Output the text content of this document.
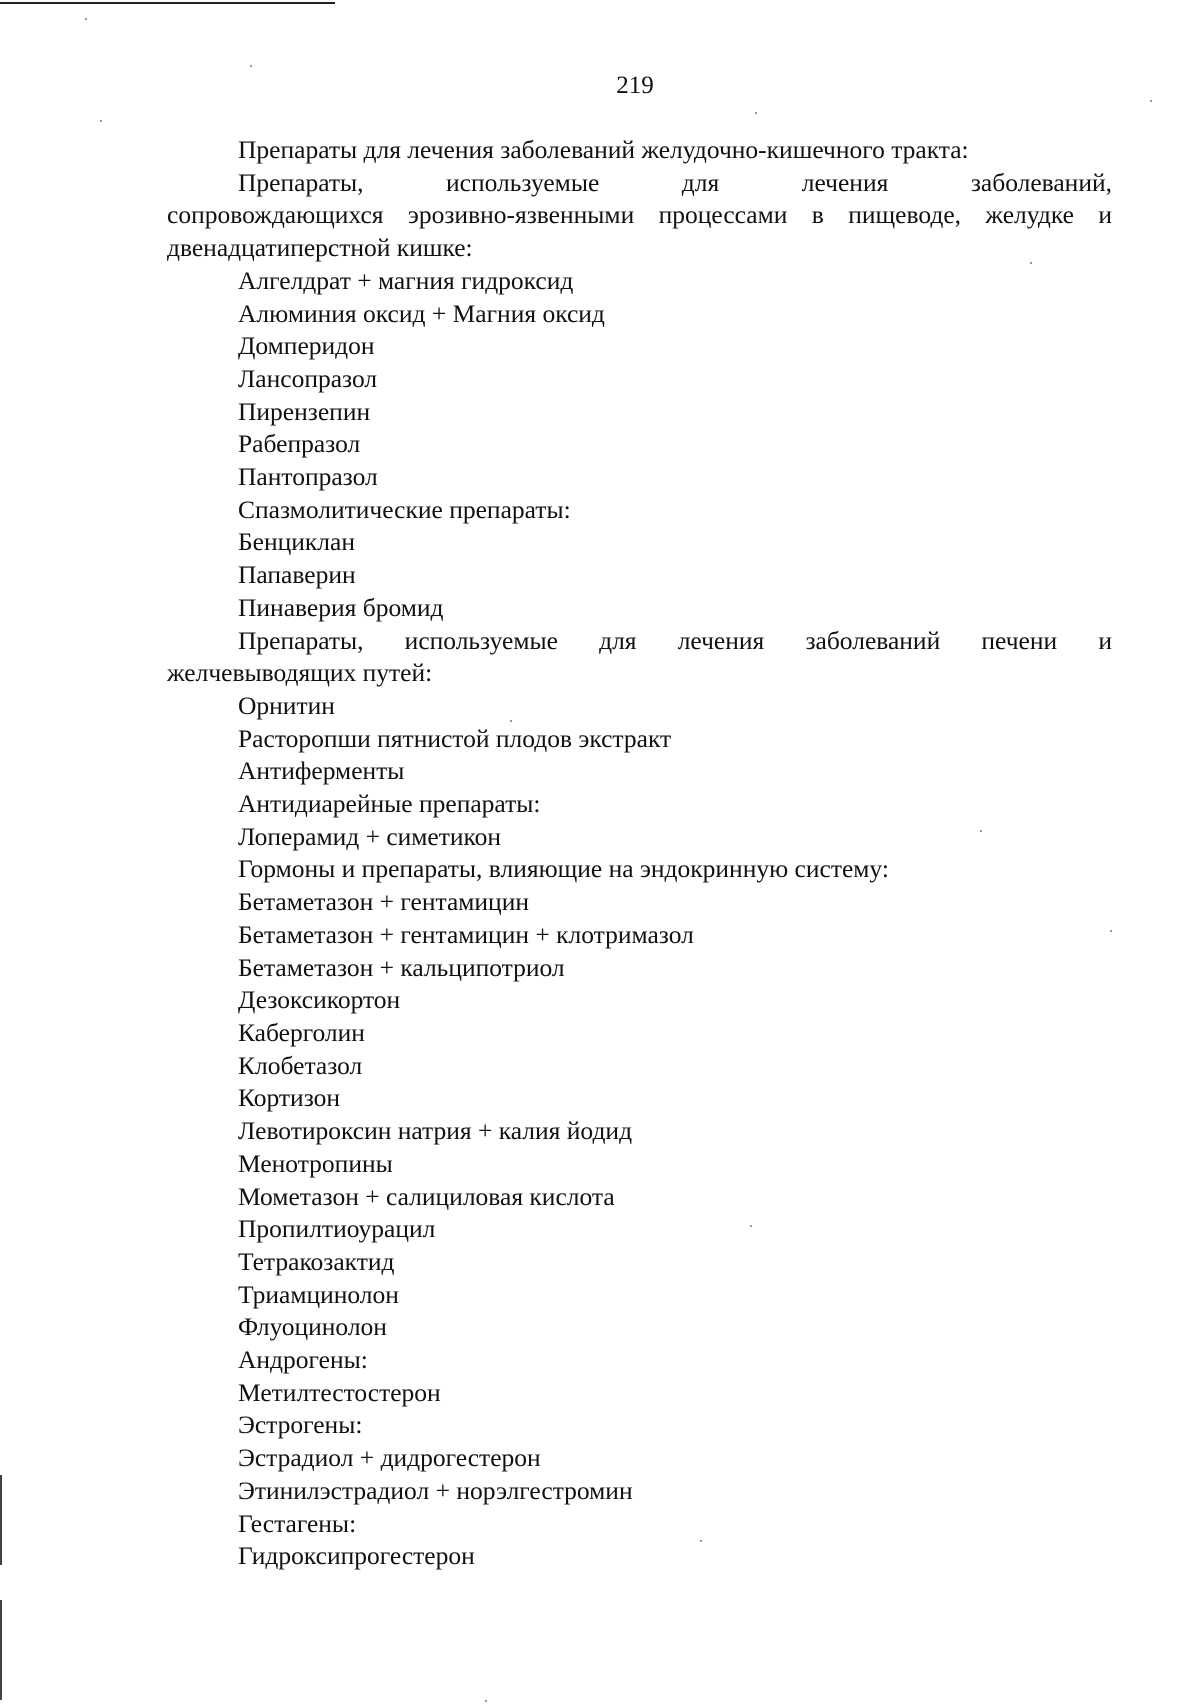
219
Препараты для лечения заболеваний желудочно-кишечного тракта:
Препараты, используемые для лечения заболеваний,
сопровождающихся эрозивно-язвенными процессами в пищеводе, желудке и
двенадцатиперстной кишке:
Алгелдрат + магния гидроксид
Алюминия оксид + Магния оксид
Домперидон
Лансопразол
Пирензепин
Рабепразол
Пантопразол
Спазмолитические препараты:
Бенциклан
Папаверин
Пинаверия бромид
Препараты, используемые для лечения заболеваний печени и
желчевыводящих путей:
Орнитин
Расторопши пятнистой плодов экстракт
Антиферменты
Антидиарейные препараты:
Лоперамид + симетикон
Гормоны и препараты, влияющие на эндокринную систему:
Бетаметазон + гентамицин
Бетаметазон + гентамицин + клотримазол
Бетаметазон + кальципотриол
Дезоксикортон
Каберголин
Клобетазол
Кортизон
Левотироксин натрия + калия йодид
Менотропины
Мометазон + салициловая кислота
Пропилтиоурацил
Тетракозактид
Триамцинолон
Флуоцинолон
Андрогены:
Метилтестостерон
Эстрогены:
Эстрадиол + дидрогестерон
Этинилэстрадиол + норэлгестромин
Гестагены:
Гидроксипрогестерон
